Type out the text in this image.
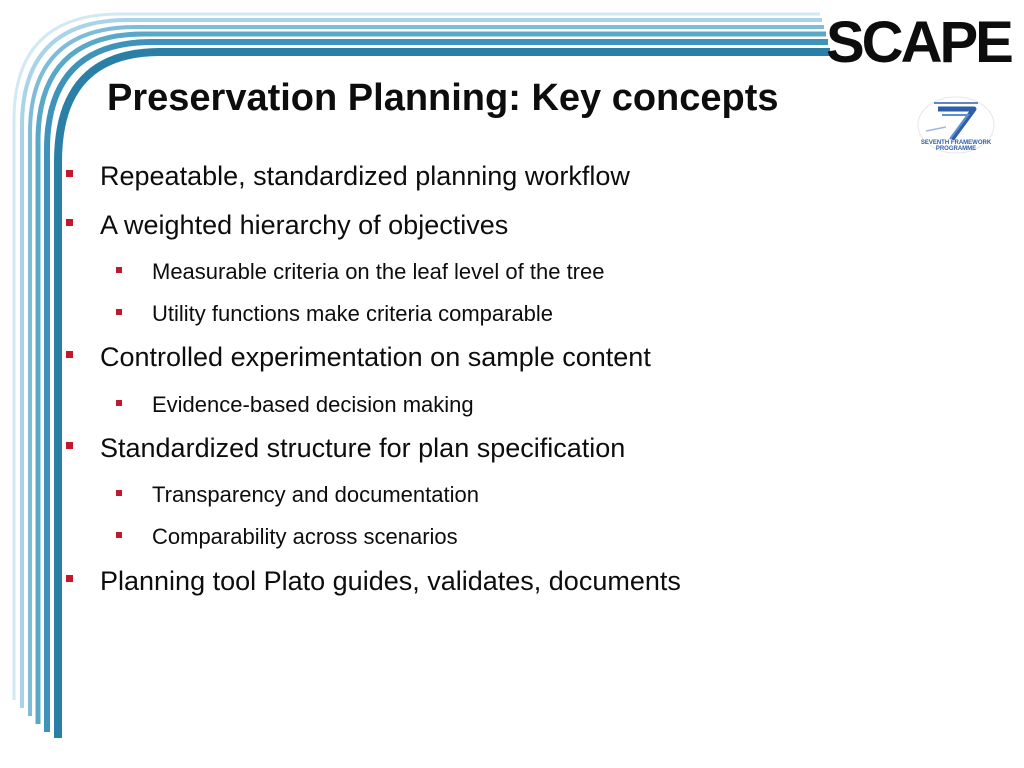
SCAPE
SEVENTH FRAMEWORK
PROGRAMME
Preservation Planning: Key concepts
Repeatable, standardized planning workflow
A weighted hierarchy of objectives
Measurable criteria on the leaf level of the tree
Utility functions make criteria comparable
Controlled experimentation on sample content
Evidence-based decision making
Standardized structure for plan specification
Transparency and documentation
Comparability across scenarios
Planning tool Plato guides, validates, documents
